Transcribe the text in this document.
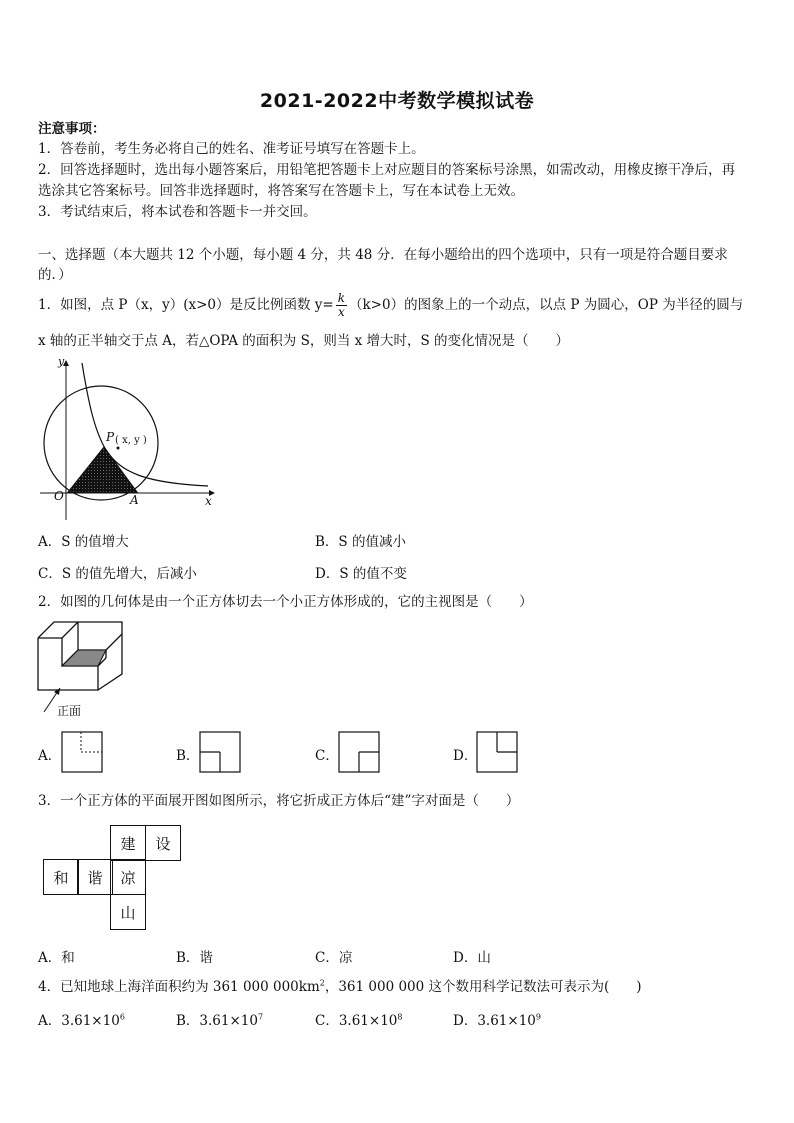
2021-2022中考数学模拟试卷
注意事项：
1．答卷前，考生务必将自己的姓名、准考证号填写在答题卡上。
2．回答选择题时，选出每小题答案后，用铅笔把答题卡上对应题目的答案标号涂黑，如需改动，用橡皮擦干净后，再
选涂其它答案标号。回答非选择题时，将答案写在答题卡上，写在本试卷上无效。
3．考试结束后，将本试卷和答题卡一并交回。
一、选择题（本大题共 12 个小题，每小题 4 分，共 48 分．在每小题给出的四个选项中，只有一项是符合题目要求
的．）
1．如图，点 P（x，y）(x>0）是反比例函数 $y= \frac{k}{x} (k>0)$的图象上的一个动点，以点 P 为圆心，OP 为半径的圆与
x 轴的正半轴交于点 A，若△OPA 的面积为 S，则当 x 增大时，S 的变化情况是（　　）
y
x
O	A
P ( x, y )
A．S 的值增大	B．S 的值减小
C．S 的值先增大，后减小	D．S 的值不变
2．如图的几何体是由一个正方体切去一个小正方体形成的，它的主视图是（　　）
正面
A．	B．	C．	D．
3．一个正方体的平面展开图如图所示，将它折成正方体后“建”字对面是（　　）
建	设
和	谐	凉
山
A．和	B．谐	C．凉	D．山
4．已知地球上海洋面积约为 361 000 $000km^2$，361 000 000 这个数用科学记数法可表示为(　　)
A．$3.61\times 10^6$	B．$3.61\times 10^7$	C．$3.61\times 10^8$	D．$3.61\times 10^9$
